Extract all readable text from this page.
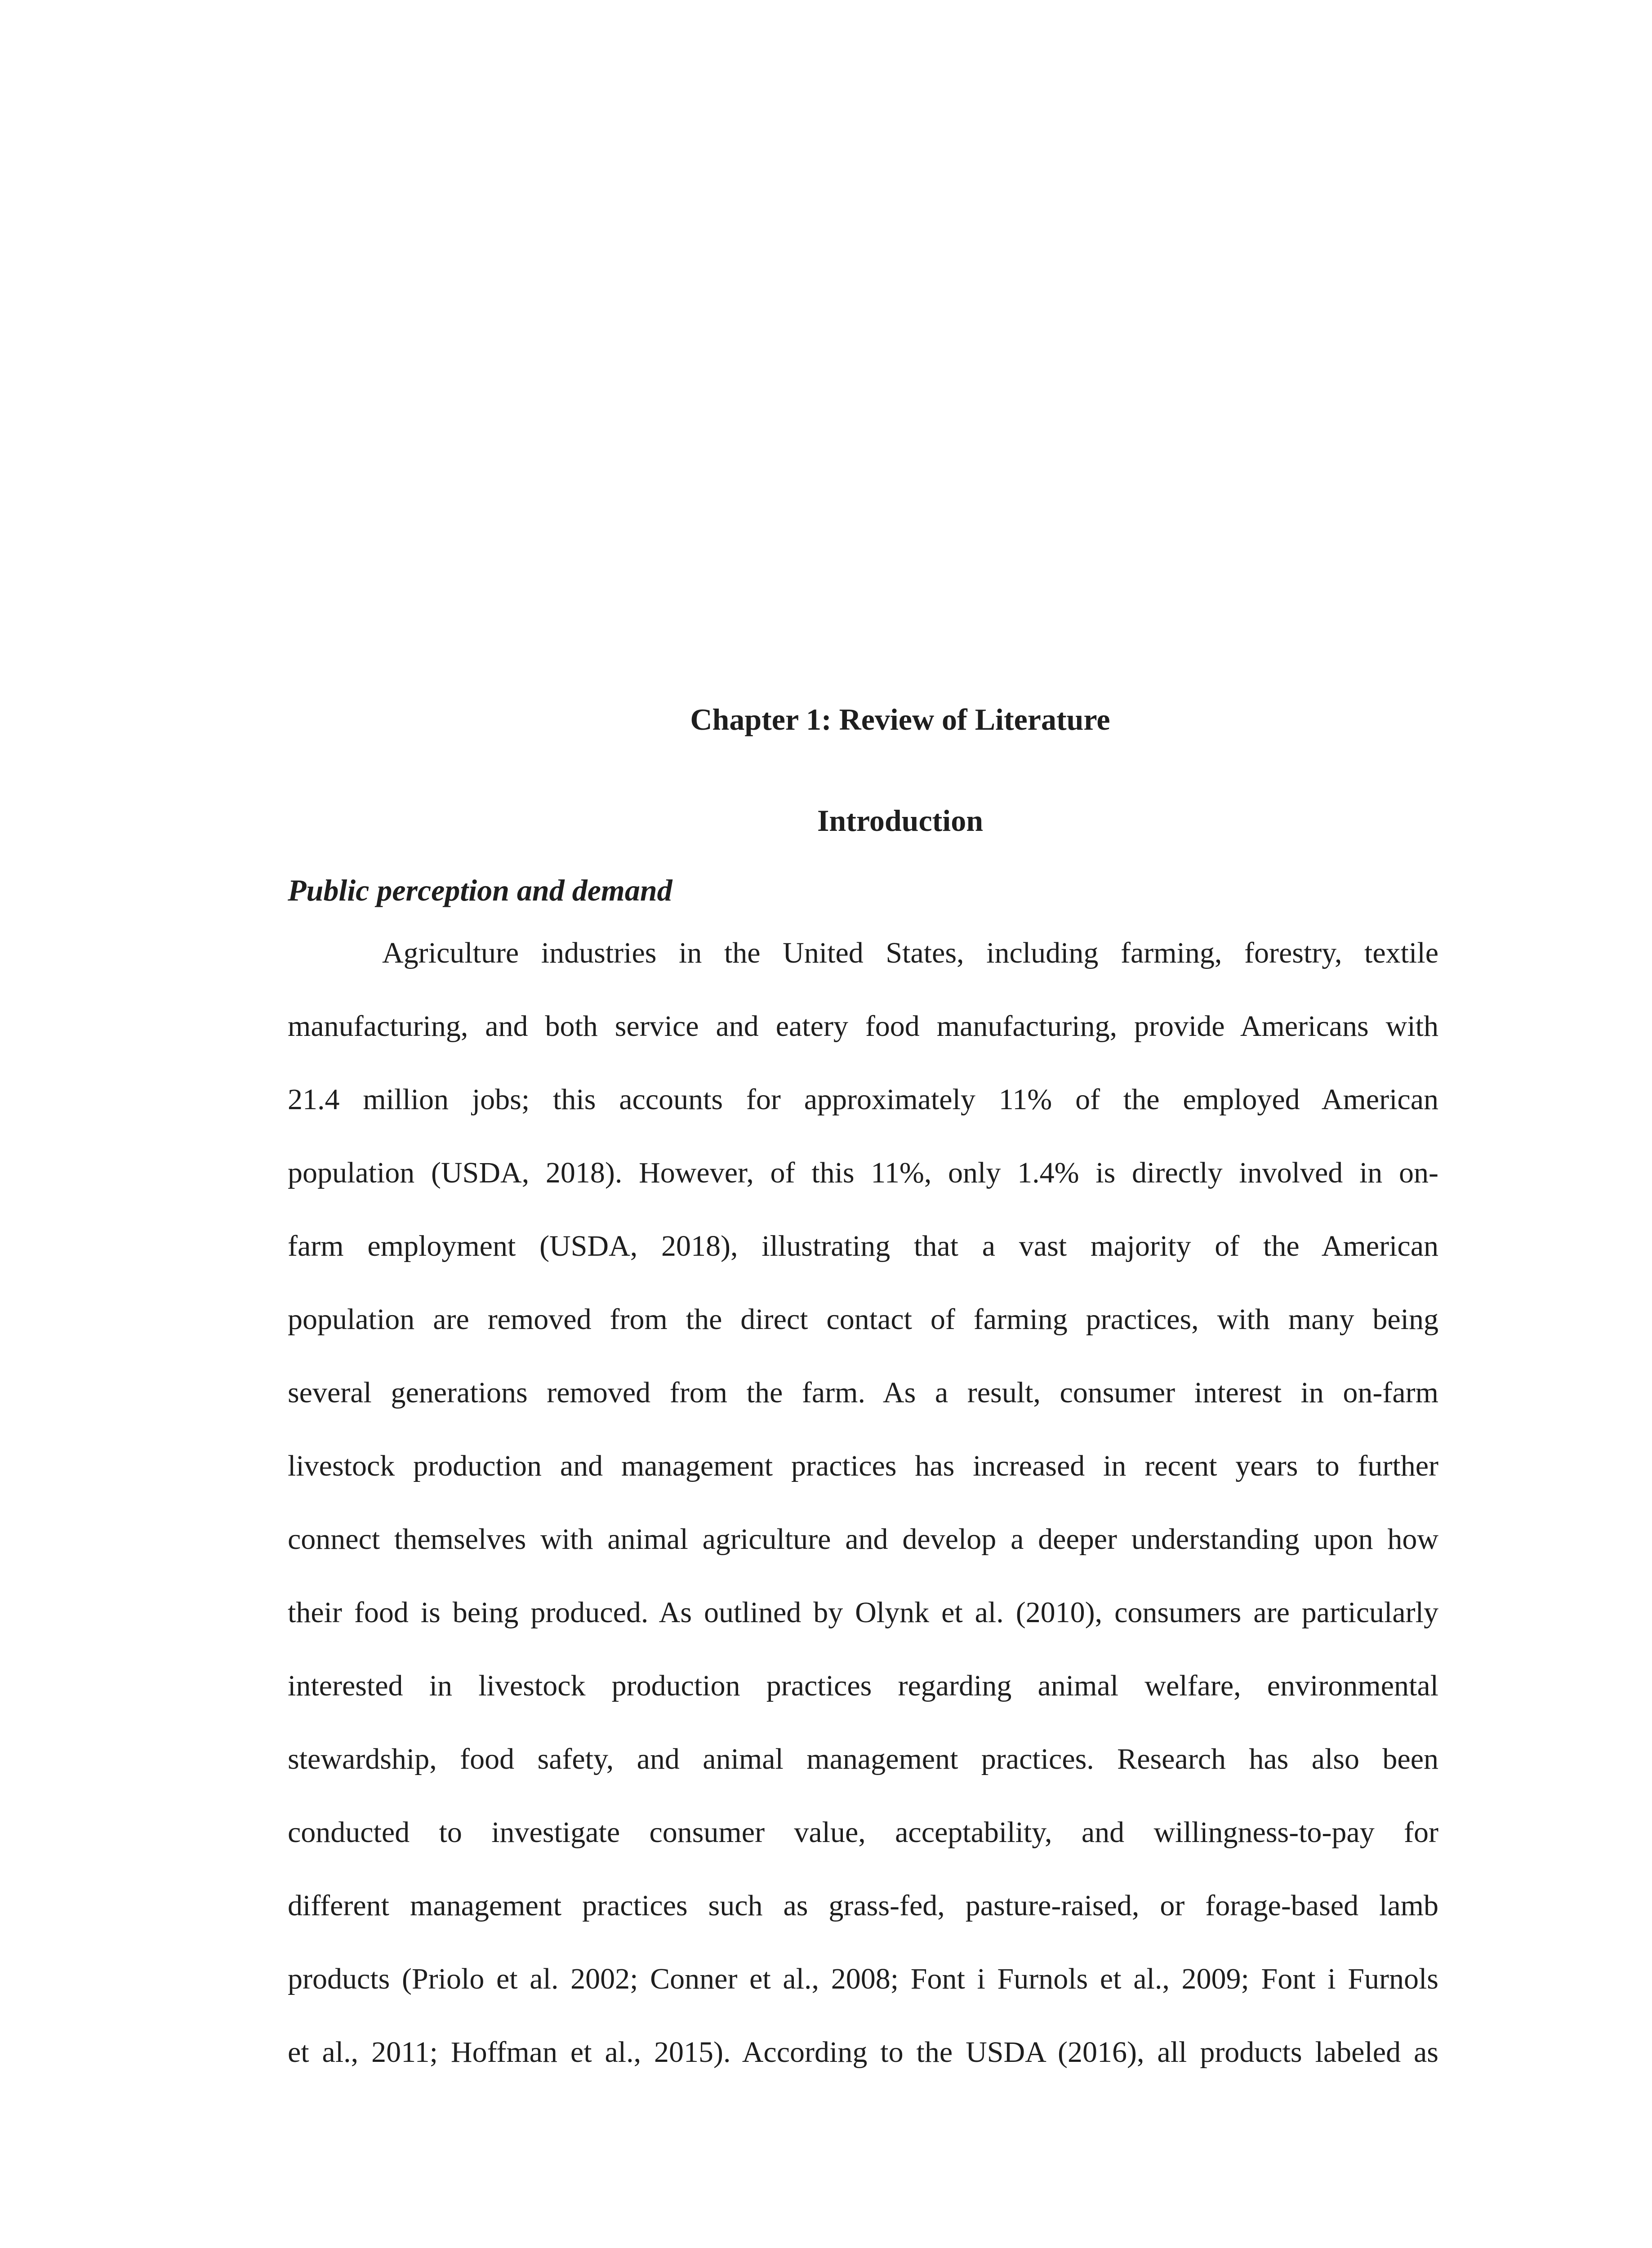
Chapter 1: Review of Literature
Introduction
Public perception and demand
Agriculture industries in the United States, including farming, forestry, textile
manufacturing, and both service and eatery food manufacturing, provide Americans with
21.4 million jobs; this accounts for approximately 11% of the employed American
population (USDA, 2018). However, of this 11%, only 1.4% is directly involved in on-
farm employment (USDA, 2018), illustrating that a vast majority of the American
population are removed from the direct contact of farming practices, with many being
several generations removed from the farm. As a result, consumer interest in on-farm
livestock production and management practices has increased in recent years to further
connect themselves with animal agriculture and develop a deeper understanding upon how
their food is being produced. As outlined by Olynk et al. (2010), consumers are particularly
interested in livestock production practices regarding animal welfare, environmental
stewardship, food safety, and animal management practices. Research has also been
conducted to investigate consumer value, acceptability, and willingness-to-pay for
different management practices such as grass-fed, pasture-raised, or forage-based lamb
products (Priolo et al. 2002; Conner et al., 2008; Font i Furnols et al., 2009; Font i Furnols
et al., 2011; Hoffman et al., 2015). According to the USDA (2016), all products labeled as
